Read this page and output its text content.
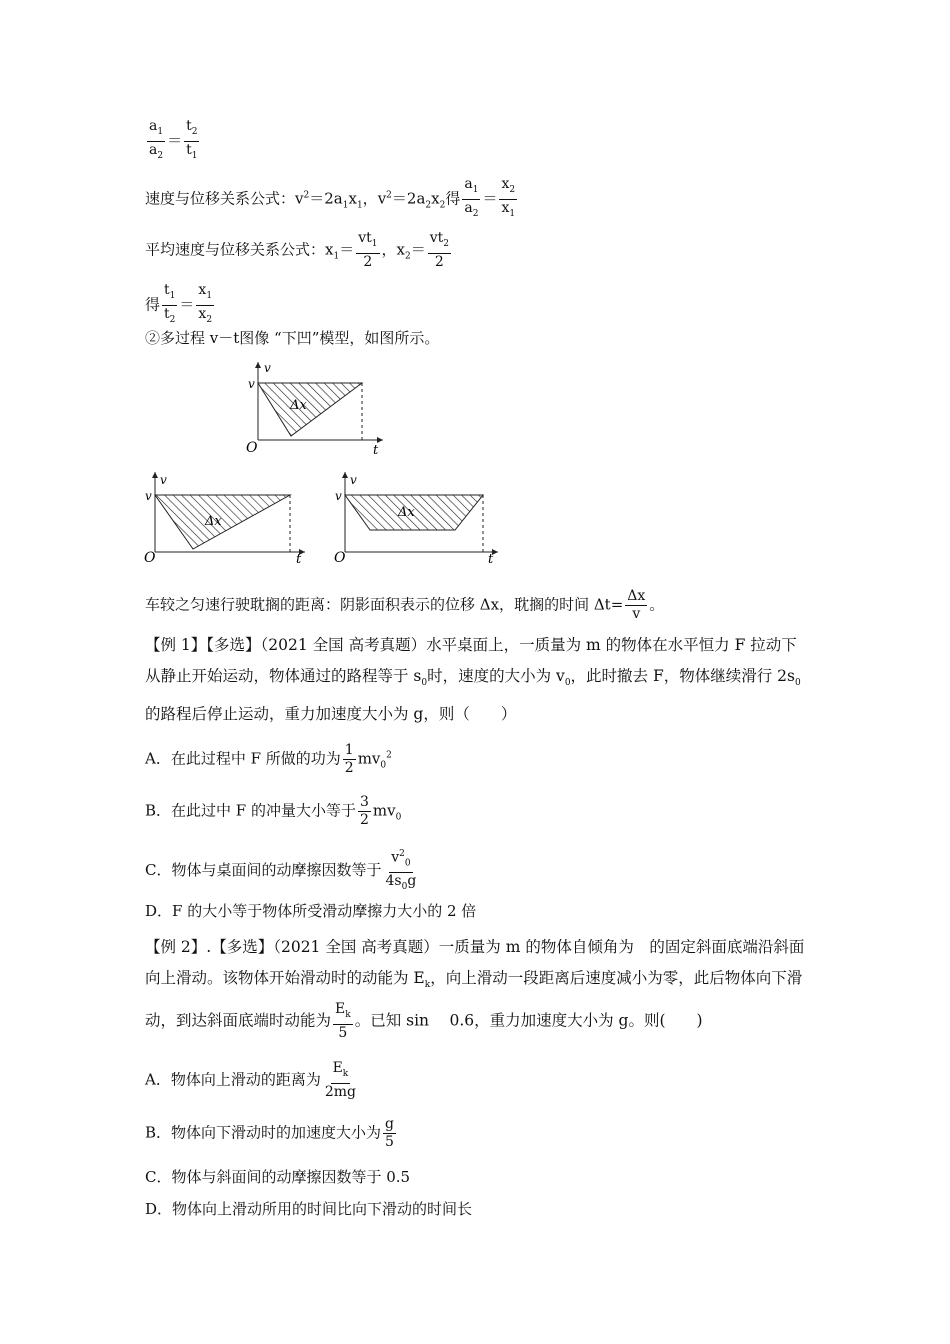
$\frac{a_1}{a_2} = \frac{t_2}{t_1}$
速度与位移关系公式：$v^2=2a_1x_1$，$v^2=2a_2x_2$得 $\frac{a_1}{a_2} = \frac{x_2}{x_1}$
平均速度与位移关系公式：$x_1= \frac{vt_1}{2}$ ，$x_2= \frac{vt_2}{2}$
得 $\frac{t_1}{t_2} = \frac{x_1}{x_2}$
②多过程 v－t图像 “下凹”模型，如图所示。
v
v
O	t
Δx
v
v
O	t
Δx
v
v
O	t
Δx
车较之匀速行驶耽搁的距离：阴影面积表示的位移 Δx，耽搁的时间 $\Delta t= \frac{\Delta x}{v}$ 。
【例 1】【多选】（2021 全国 高考真题）水平桌面上，一质量为 m 的物体在水平恒力 F 拉动下从静止开始运动，物体通过的路程等于 $s_0$时，速度的大小为 $v_0$，此时撤去 F，物体继续滑行 $2s_0$的路程后停止运动，重力加速度大小为 g，则（　　）
A．在此过程中 F 所做的功为 $\frac{1}{2} mv_0^2$
B．在此过中 F 的冲量大小等于 $\frac{3}{2} mv_0$
C．物体与桌面间的动摩擦因数等于 $\frac{v^2_0}{4s_0g}$
D．F 的大小等于物体所受滑动摩擦力大小的 2 倍
【例 2】.【多选】（2021 全国 高考真题）一质量为 m 的物体自倾角为　的固定斜面底端沿斜面向上滑动。该物体开始滑动时的动能为 $E_k$，向上滑动一段距离后速度减小为零，此后物体向下滑动，到达斜面底端时动能为 $\frac{E_k}{5}$ 。已知 sin　 0.6，重力加速度大小为 g。则(　　)
A．物体向上滑动的距离为 $\frac{E_k}{2mg}$
B．物体向下滑动时的加速度大小为 $\frac{g}{5}$
C．物体与斜面间的动摩擦因数等于 0.5
D．物体向上滑动所用的时间比向下滑动的时间长
